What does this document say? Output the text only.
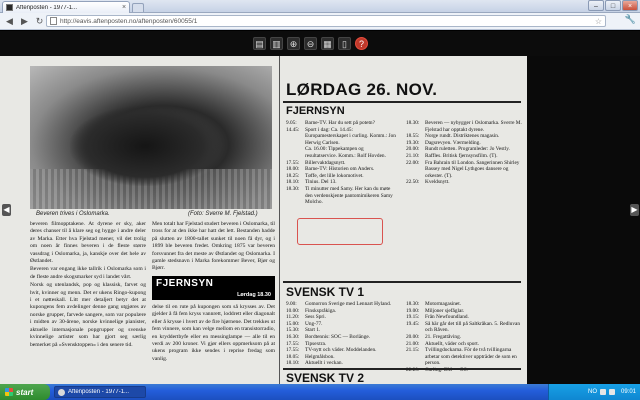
Aftenposten - 1977-1...	×	–	□	×
◀ ▶ ↻	http://eavis.aftenposten.no/aftenposten/60055/1	☆	🔧
▤ ▥ ⊕	⊖ ▦	▯	?
Beveren trives i Oslomarka.	(Foto: Sverre M. Fjelstad.)

beveren filmopptakene. At dyrene er sky, aker deres chanser til å klare seg og hygge i andre deler av Marka. Etter hva Fjelstad mener, vil det trolig om noen år finnes beveren i de fleste større vassdrag i Oslomarka, ja, kanskje over det hele av Østlandet.

Beveren var engang ikke tallrik i Oslomarka som i de fleste andre skogsmarker syd i landet vårt.

Norsk og utenlandsk, pop og klassisk, farvet og hvit, kvinner og menn. Det er ukens Ringo-kupong i et nøtteskall. Litt mer detaljert betyr det at kupongens fem avdelinger denne gang utgjøres av norske grupper, farvede sangere, som var populære i midten av 30-årene, norske kvinnelige pianister, aktuelle internasjonale popgrupper og svenske kvinnelige artister som har gjort seg særlig bemerket på «Svensktoppen» i den senere tid.

Men totalt har Fjelstad studert beveren i Oslomarka, til tross for at den ikke har hatt det lett. Bestanden hadde på slutten av 1800-tallet sunket til noen få dyr, og i 1899 ble beveren fredet. Omkring 1875 var beveren forsvunnet fra det meste av Østlandet og Oslomarka. I gamle stedsnavn i Marka forekommer Bever, Bjør og Bjørr.

FJERNSYN
Lørdag 18.30

delse til en rute på kupongen som så krysses av. Det gjelder å få fem kryss vannrett, loddrett eller diagonalt eller å krysse i hvert av de fire hjørnene. Det trekkes ut fem vinnere, som kan velge mellom en transistorradio, en kryddertbyfe eller en messinglampe — alle til en verdi av 200 kroner. Vi gjør ellers oppmerksom på at ukens program ikke sendes i reprise fredag som vanlig.

LØRDAG 26. NOV.
FJERNSYN
9.05:	Barne-TV. Har du sett på potetn?
14.45:	Sport i dag: Ca. 14.45: Europamesterskapet i curling. Komm.: Jon Herwig Carlsen.
Ca. 16.00: Tippekampen og resultatservice. Komm.: Rolf Hovden.
17.55:	Billervaktdagsnytt.
18.00:	Barne-TV: Historien om Anders.
18.25:	Tøffe, det lille lokomotivet.
18.10:	Tinius. Del 13.
18.30:	Ti minutter med Samy. Her kan du møte den verdenskjente pantomimikeren Samy Molcho.
18.30:	Beveren — nybygger i Oslomarka. Sverre M. Fjelstad har opptakt dyrene.
18.55:	Norge rundt. Distriktenes magasin.
19.30:	Dagsrevyen. Værmelding.
20.00:	Rundt ruletten. Programleder: Jo Vestly.
21.10:	Raffles. Britisk fjernsynsfilm. (T).
22.00:	Fra Bahrain til London. Sangerinnen Shirley Bassey med Nigel Lythgoes dansere og orkester. (T).
22.50:	Kveldsnytt.
SVENSK TV 1
9.00:	Gomorron Sverige med Lennart Hyland.
10.00:	Finskspråkiga.
11.20:	Sess Spri.
15.00:	Ung-77.
15.30:	Start 1.
16.30:	Bordtennis: SOC — Borlänge.
17.55:	Tipsextra.
17.55:	TV-nytt och väder. Moddelanden.
18.05:	Helgmålsbon.
18.10:	Aktuellt i veckan.
18.30:	Motormagasinet.
19.00:	Miljoner sjefåglar.
19.15:	Från Newfoundland.
19.45:	Så här går det till på Saltkråkan. 5. Redluvan och Råven.
20.00:	21. Fregattåving.
21.00:	Aktuellt, väder och sport.
21.15:	Tvillingdockarna. För de två tvillingarna arbetar som detektiver uppträder de som en person.
SVENSK TV 2
◀	▶
start	Aftenposten - 1977-1...	NO	09:01
